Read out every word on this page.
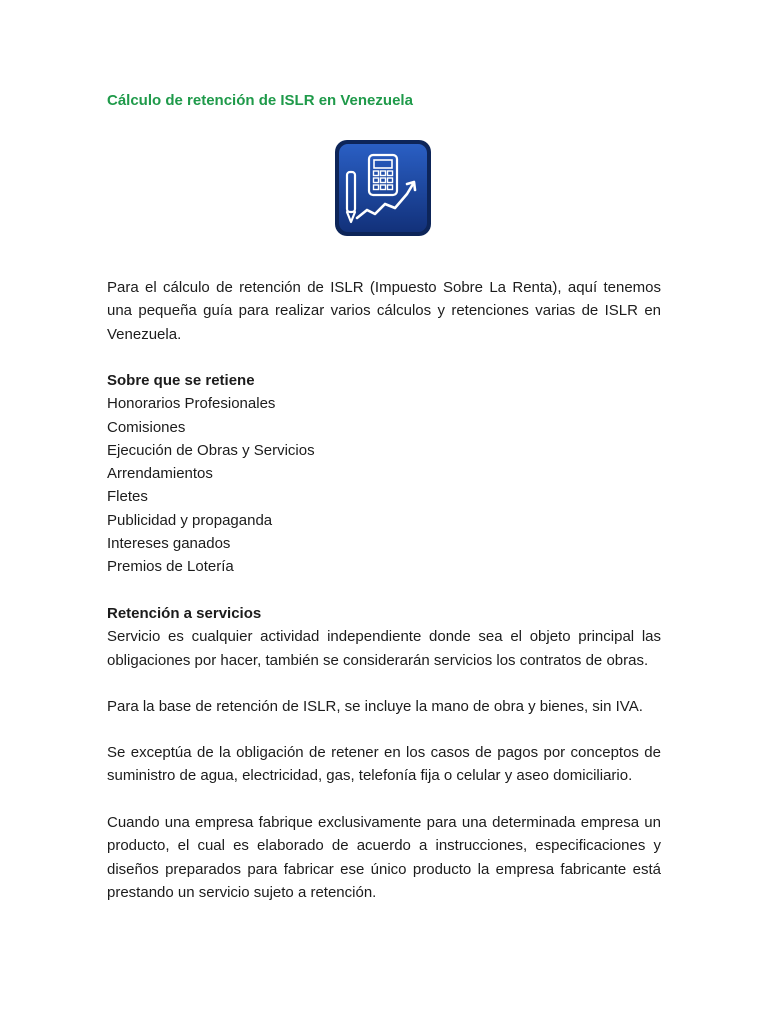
Cálculo de retención de ISLR en Venezuela

Para el cálculo de retención de ISLR (Impuesto Sobre La Renta), aquí tenemos una pequeña guía para realizar varios cálculos y retenciones varias de ISLR en Venezuela.

Sobre que se retiene
Honorarios Profesionales
Comisiones
Ejecución de Obras y Servicios
Arrendamientos
Fletes
Publicidad y propaganda
Intereses ganados
Premios de Lotería
Retención a servicios

Servicio es cualquier actividad independiente donde sea el objeto principal las obligaciones por hacer, también se considerarán servicios los contratos de obras.

Para la base de retención de ISLR, se incluye la mano de obra y bienes, sin IVA.

Se exceptúa de la obligación de retener en los casos de pagos por conceptos de suministro de agua, electricidad, gas, telefonía fija o celular y aseo domiciliario.

Cuando una empresa fabrique exclusivamente para una determinada empresa un producto, el cual es elaborado de acuerdo a instrucciones, especificaciones y diseños preparados para fabricar ese único producto la empresa fabricante está prestando un servicio sujeto a retención.
